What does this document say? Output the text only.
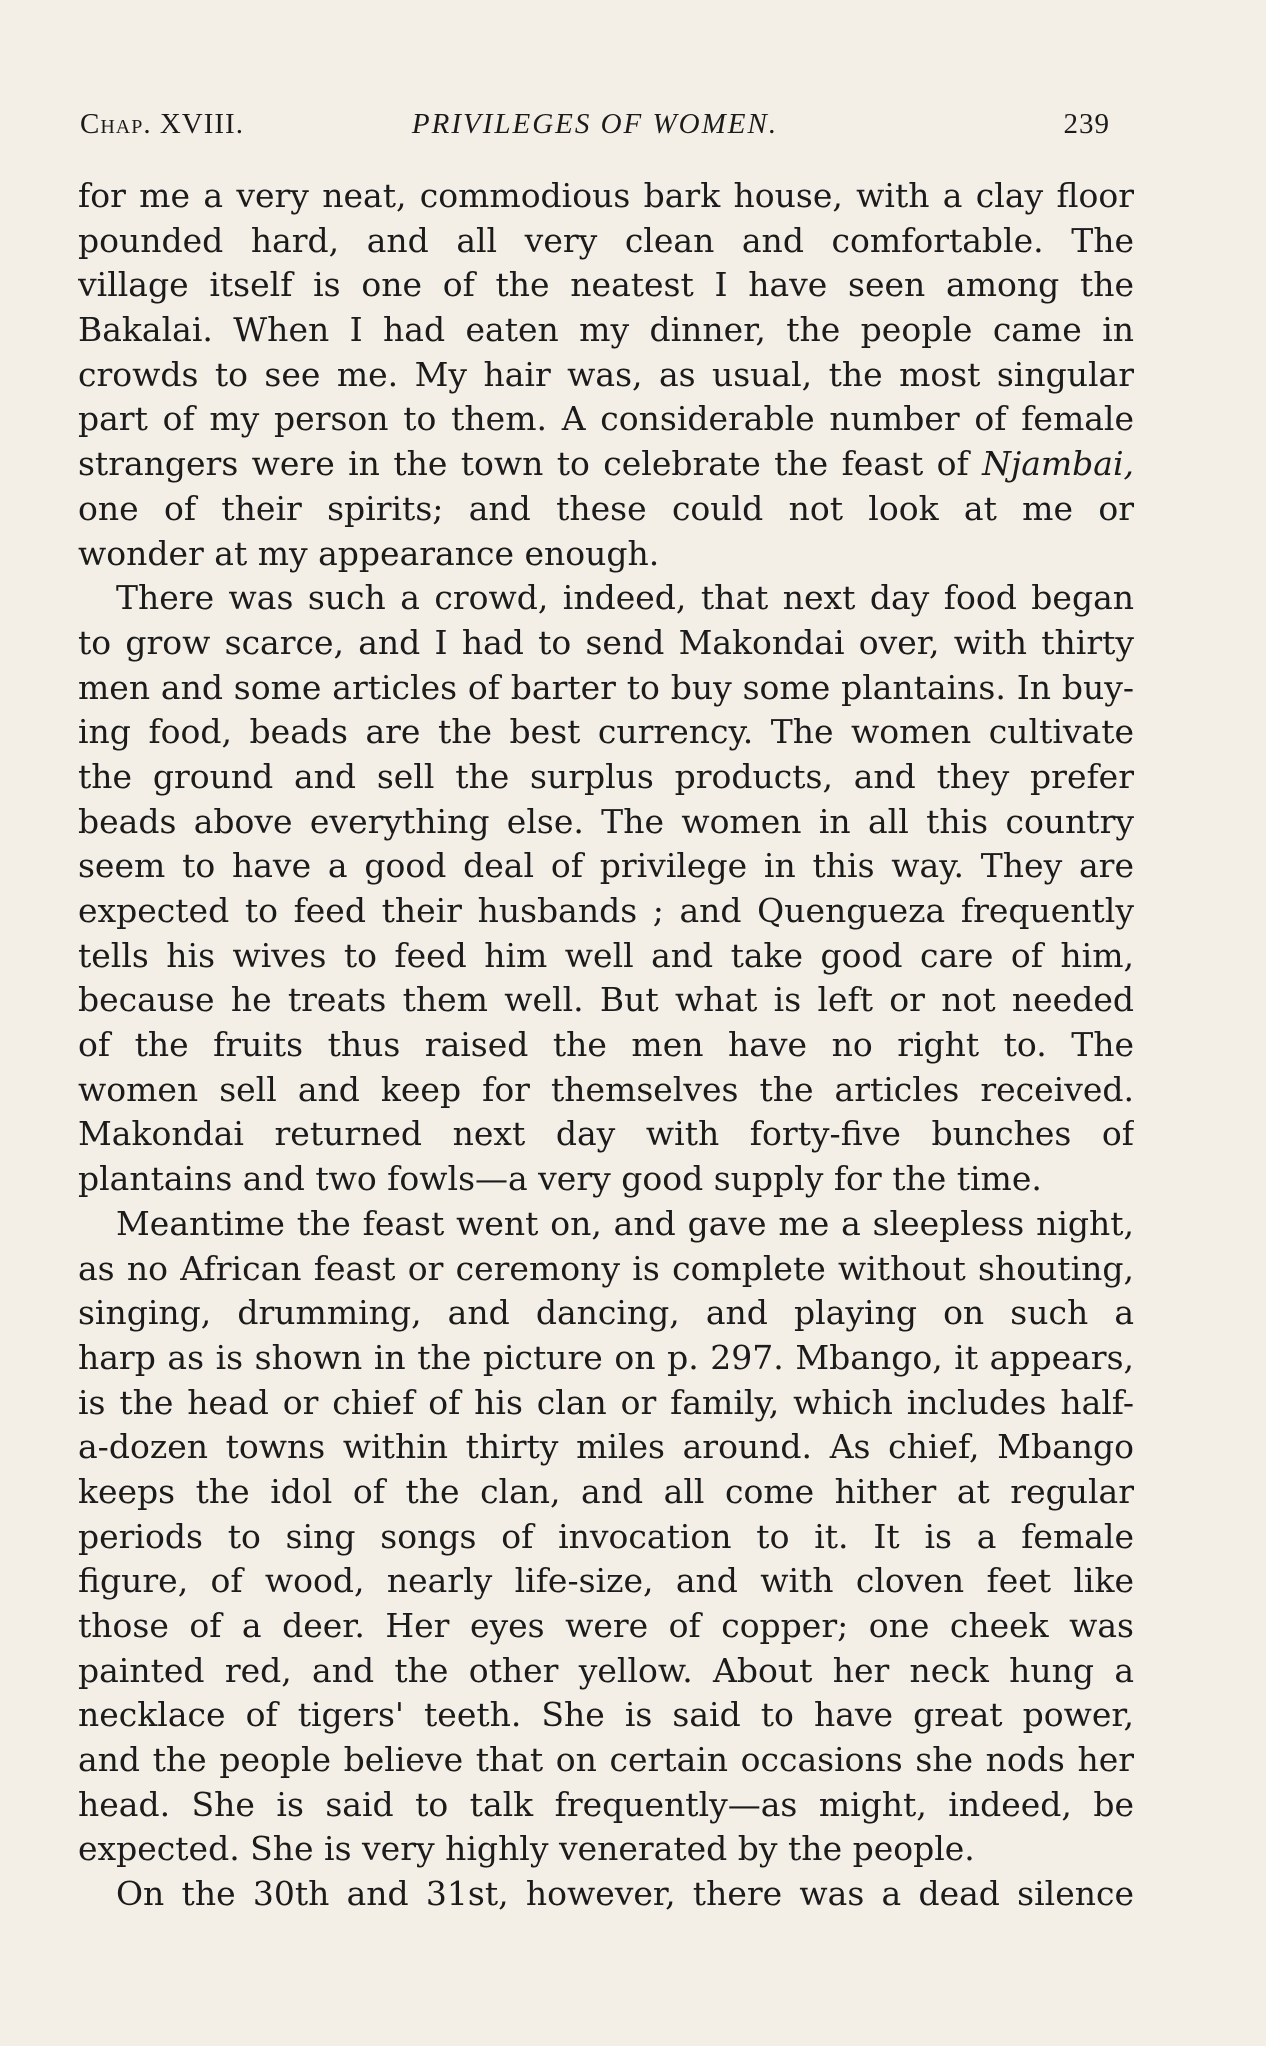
Chap. XVIII.	PRIVILEGES OF WOMEN.	239
for me a very neat, commodious bark house, with a clay floor
pounded hard, and all very clean and comfortable. The
village itself is one of the neatest I have seen among the
Bakalai. When I had eaten my dinner, the people came in
crowds to see me. My hair was, as usual, the most singular
part of my person to them. A considerable number of female
strangers were in the town to celebrate the feast of Njambai,
one of their spirits; and these could not look at me or
wonder at my appearance enough.
There was such a crowd, indeed, that next day food began
to grow scarce, and I had to send Makondai over, with thirty
men and some articles of barter to buy some plantains. In buy-
ing food, beads are the best currency. The women cultivate
the ground and sell the surplus products, and they prefer
beads above everything else. The women in all this country
seem to have a good deal of privilege in this way. They are
expected to feed their husbands ; and Quengueza frequently
tells his wives to feed him well and take good care of him,
because he treats them well. But what is left or not needed
of the fruits thus raised the men have no right to. The
women sell and keep for themselves the articles received.
Makondai returned next day with forty-five bunches of
plantains and two fowls—a very good supply for the time.
Meantime the feast went on, and gave me a sleepless night,
as no African feast or ceremony is complete without shouting,
singing, drumming, and dancing, and playing on such a
harp as is shown in the picture on p. 297. Mbango, it appears,
is the head or chief of his clan or family, which includes half-
a-dozen towns within thirty miles around. As chief, Mbango
keeps the idol of the clan, and all come hither at regular
periods to sing songs of invocation to it. It is a female
figure, of wood, nearly life-size, and with cloven feet like
those of a deer. Her eyes were of copper; one cheek was
painted red, and the other yellow. About her neck hung a
necklace of tigers' teeth. She is said to have great power,
and the people believe that on certain occasions she nods her
head. She is said to talk frequently—as might, indeed, be
expected. She is very highly venerated by the people.
On the 30th and 31st, however, there was a dead silence
